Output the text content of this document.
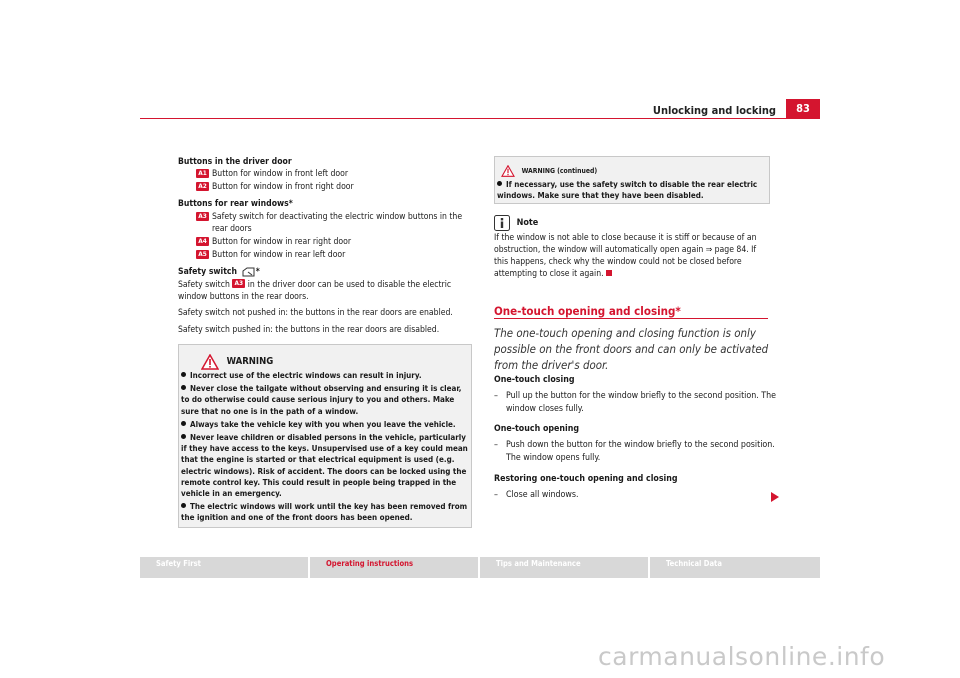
Unlocking and locking	83
Buttons in the driver door
A1 Button for window in front left door
A2 Button for window in front right door
Buttons for rear windows*
A3 Safety switch for deactivating the electric window buttons in the rear doors
A4 Button for window in rear right door
A5 Button for window in rear left door
Safety switch *
Safety switch A3 in the driver door can be used to disable the electric window buttons in the rear doors.
Safety switch not pushed in: the buttons in the rear doors are enabled.
Safety switch pushed in: the buttons in the rear doors are disabled.
WARNING
Incorrect use of the electric windows can result in injury.
Never close the tailgate without observing and ensuring it is clear, to do otherwise could cause serious injury to you and others. Make sure that no one is in the path of a window.
Always take the vehicle key with you when you leave the vehicle.
Never leave children or disabled persons in the vehicle, particularly if they have access to the keys. Unsupervised use of a key could mean that the engine is started or that electrical equipment is used (e.g. electric windows). Risk of accident. The doors can be locked using the remote control key. This could result in people being trapped in the vehicle in an emergency.
The electric windows will work until the key has been removed from the ignition and one of the front doors has been opened.
WARNING (continued)
If necessary, use the safety switch to disable the rear electric windows. Make sure that they have been disabled.
Note
If the window is not able to close because it is stiff or because of an obstruction, the window will automatically open again ⇒ page 84. If this happens, check why the window could not be closed before attempting to close it again.
One-touch opening and closing*
The one-touch opening and closing function is only possible on the front doors and can only be activated from the driver's door.
One-touch closing
– Pull up the button for the window briefly to the second position. The window closes fully.
One-touch opening
– Push down the button for the window briefly to the second position. The window opens fully.
Restoring one-touch opening and closing
– Close all windows.
Safety First	Operating instructions	Tips and Maintenance	Technical Data
carmanualsonline.info
